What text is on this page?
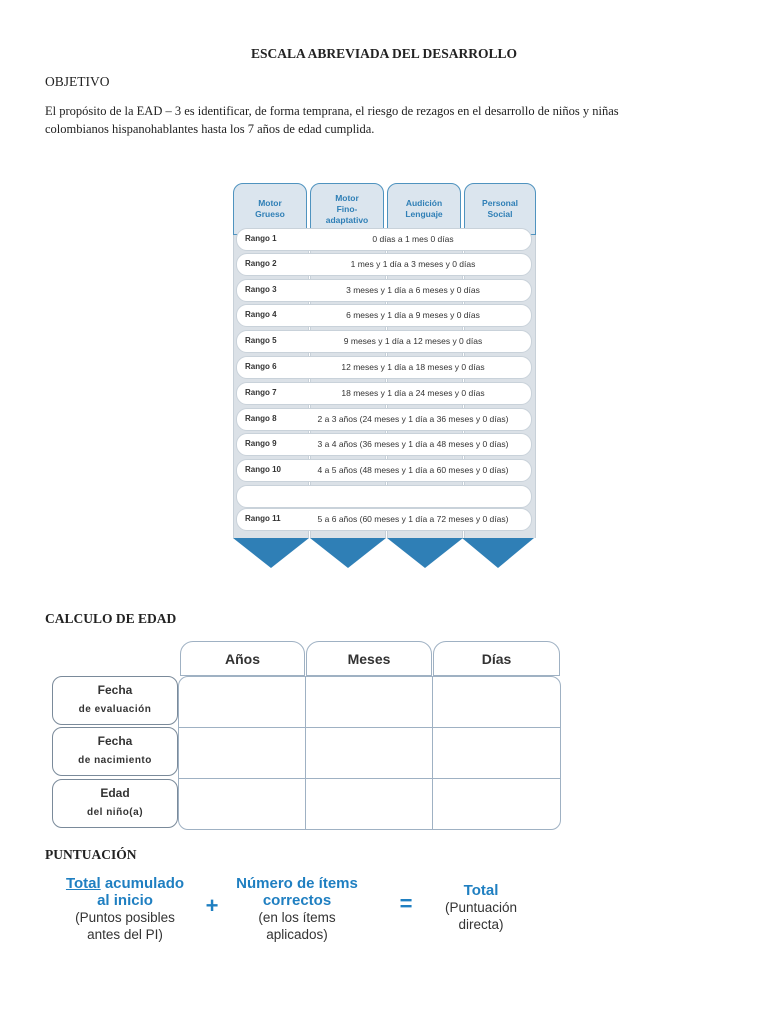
ESCALA ABREVIADA DEL DESARROLLO
OBJETIVO
El propósito de la EAD – 3 es identificar, de forma temprana, el riesgo de rezagos en el desarrollo de niños y niñas
colombianos hispanohablantes hasta los 7 años de edad cumplida.
Motor
Grueso
Motor
Fino-
adaptativo
Audición
Lenguaje
Personal
Social
Rango 1	0 días a 1 mes 0 días
Rango 2	1 mes y 1 día a 3 meses y 0 días
Rango 3	3 meses y 1 día a 6 meses y 0 días
Rango 4	6 meses y 1 día a 9 meses y 0 días
Rango 5	9 meses y 1 día a 12 meses y 0 días
Rango 6	12 meses y 1 día a 18 meses y 0 días
Rango 7	18 meses y 1 día a 24 meses y 0 días
Rango 8	2 a 3 años (24 meses y 1 día a 36 meses y 0 días)
Rango 9	3 a 4 años (36 meses y 1 día a 48 meses y 0 días)
Rango 10	4 a 5 años (48 meses y 1 día a 60 meses y 0 días)
Rango 11	5 a 6 años (60 meses y 1 día a 72 meses y 0 días)
CALCULO DE EDAD
Años	Meses	Días
Fecha
de evaluación
Fecha
de nacimiento
Edad
del niño(a)
PUNTUACIÓN
Total acumulado
al inicio
(Puntos posibles
antes del PI)
+
Número de ítems
correctos
(en los ítems
aplicados)
=
Total
(Puntuación
directa)
